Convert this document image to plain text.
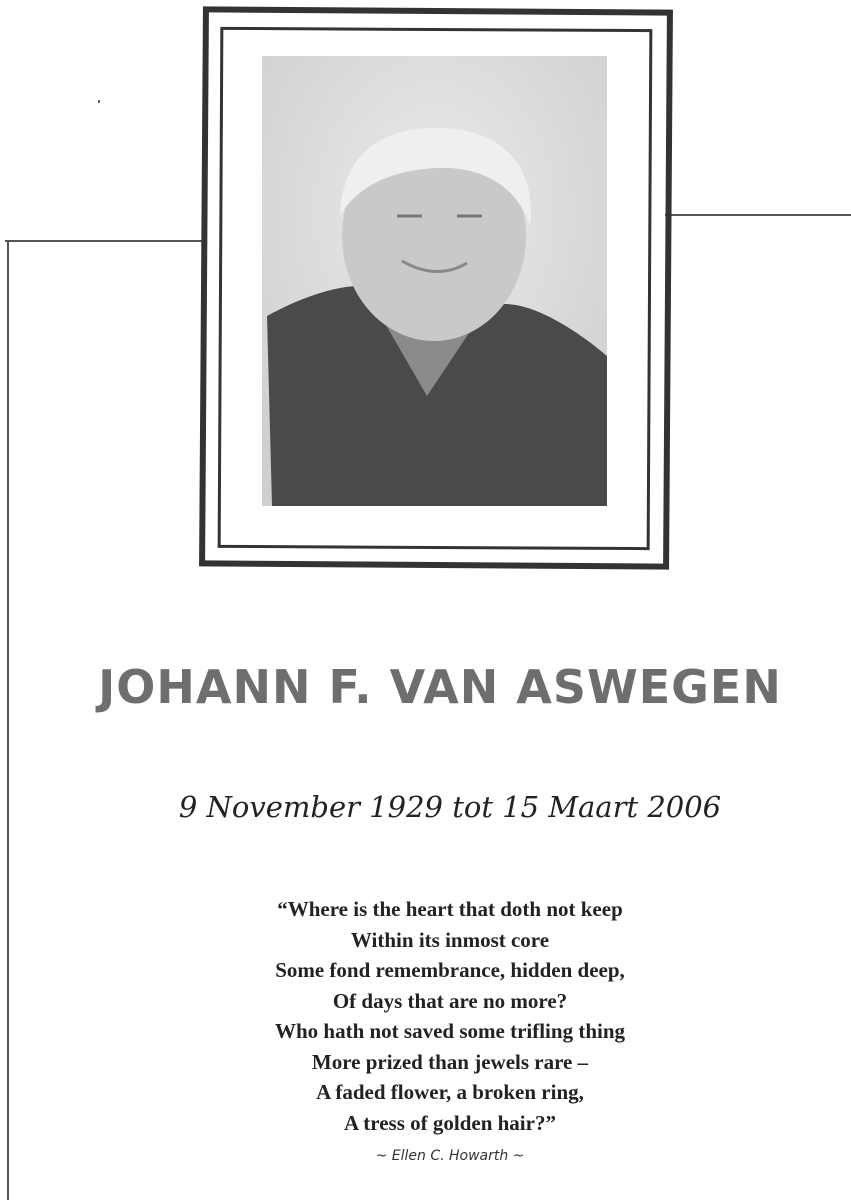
JOHANN F. VAN ASWEGEN
9 November 1929 tot 15 Maart 2006
“Where is the heart that doth not keep
Within its inmost core
Some fond remembrance, hidden deep,
Of days that are no more?
Who hath not saved some trifling thing
More prized than jewels rare –
A faded flower, a broken ring,
A tress of golden hair?”
~ Ellen C. Howarth ~
